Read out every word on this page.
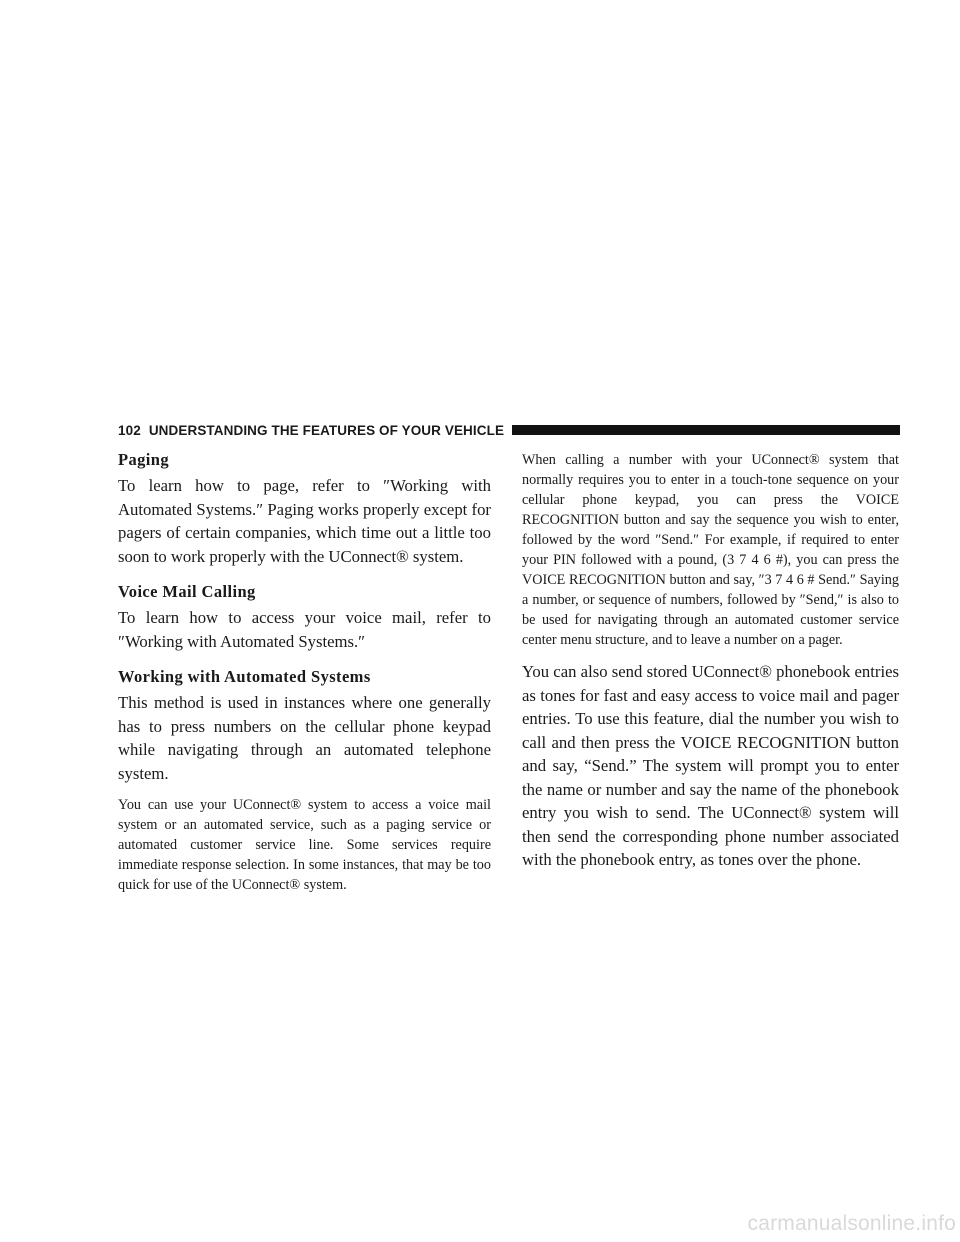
102 UNDERSTANDING THE FEATURES OF YOUR VEHICLE
Paging

To learn how to page, refer to ″Working with Automated Systems.″ Paging works properly except for pagers of certain companies, which time out a little too soon to work properly with the UConnect® system.

Voice Mail Calling

To learn how to access your voice mail, refer to ″Working with Automated Systems.″

Working with Automated Systems

This method is used in instances where one generally has to press numbers on the cellular phone keypad while navigating through an automated telephone system.

You can use your UConnect® system to access a voice mail system or an automated service, such as a paging service or automated customer service line. Some services require immediate response selection. In some instances, that may be too quick for use of the UConnect® system.

When calling a number with your UConnect® system that normally requires you to enter in a touch-tone sequence on your cellular phone keypad, you can press the VOICE RECOGNITION button and say the sequence you wish to enter, followed by the word ″Send.″ For example, if required to enter your PIN followed with a pound, (3 7 4 6 #), you can press the VOICE RECOGNITION button and say, ″3 7 4 6 # Send.″ Saying a number, or sequence of numbers, followed by ″Send,″ is also to be used for navigating through an automated customer service center menu structure, and to leave a number on a pager.

You can also send stored UConnect® phonebook entries as tones for fast and easy access to voice mail and pager entries. To use this feature, dial the number you wish to call and then press the VOICE RECOGNITION button and say, “Send.” The system will prompt you to enter the name or number and say the name of the phonebook entry you wish to send. The UConnect® system will then send the corresponding phone number associated with the phonebook entry, as tones over the phone.

carmanualsonline.info
